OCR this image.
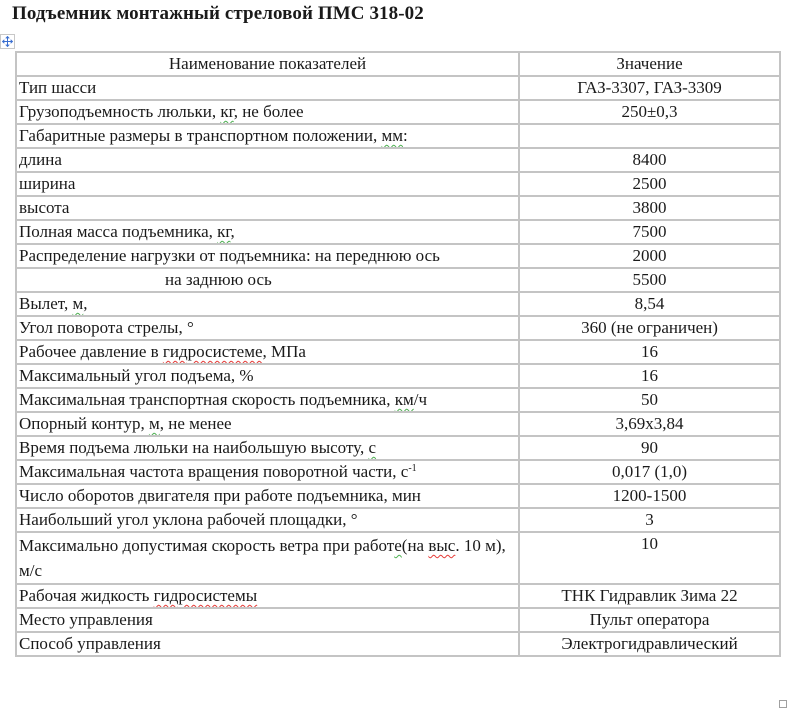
Подъемник монтажный стреловой ПМС 318-02
Наименование показателей	Значение
Тип шасси	ГАЗ-3307, ГАЗ-3309
Грузоподъемность люльки, кг, не более	250±0,3
Габаритные размеры в транспортном положении, мм:	
длина	8400
ширина	2500
высота	3800
Полная масса подъемника, кг,	7500
Распределение нагрузки от подъемника: на переднюю ось	2000
на заднюю ось	5500
Вылет, м,	8,54
Угол поворота стрелы, °	360 (не ограничен)
Рабочее давление в гидросистеме, МПа	16
Максимальный угол подъема, %	16
Максимальная транспортная скорость подъемника, км/ч	50
Опорный контур, м, не менее	3,69x3,84
Время подъема люльки на наибольшую высоту, с	90
Максимальная частота вращения поворотной части, $с^{-1}$	0,017 (1,0)
Число оборотов двигателя при работе подъемника, мин	1200-1500
Наибольший угол уклона рабочей площадки, °	3
Максимально допустимая скорость ветра при работе(на выс. 10 м), м/с	10
Рабочая жидкость гидросистемы	ТНК Гидравлик Зима 22
Место управления	Пульт оператора
Способ управления	Электрогидравлический
